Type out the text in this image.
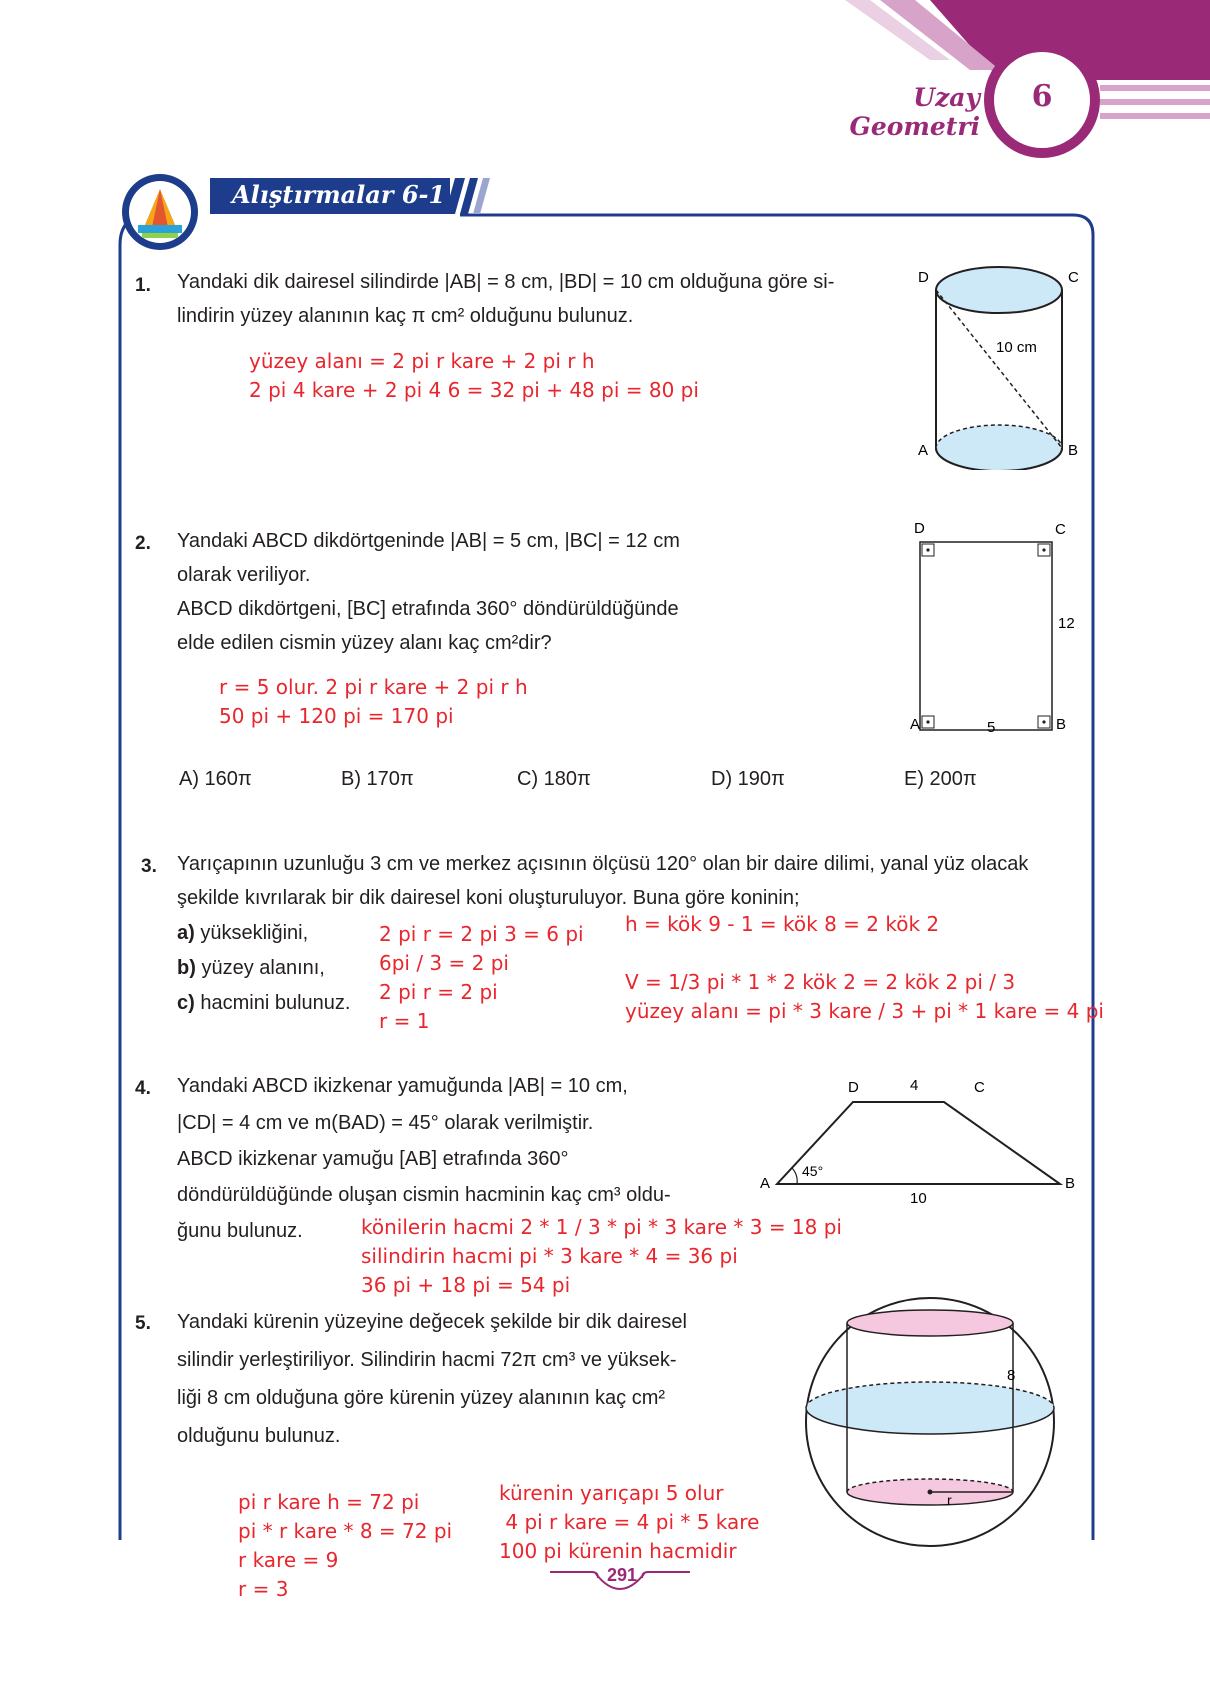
Uzay Geometri
6
Alıştırmalar 6-1
1. Yandaki dik dairesel silindirde |AB| = 8 cm, |BD| = 10 cm olduğuna göre si-
lindirin yüzey alanının kaç π cm² olduğunu bulunuz.
yüzey alanı = 2 pi r kare + 2 pi r h
2 pi 4 kare + 2 pi 4 6 = 32 pi + 48 pi = 80 pi
D	C
A	B
10 cm
2. Yandaki ABCD dikdörtgeninde |AB| = 5 cm, |BC| = 12 cm
olarak veriliyor.
ABCD dikdörtgeni, [BC] etrafında 360° döndürüldüğünde
elde edilen cismin yüzey alanı kaç cm²dir?
r = 5 olur. 2 pi r kare + 2 pi r h
50 pi + 120 pi = 170 pi
A) 160π	B) 170π	C) 180π	D) 190π	E) 200π
D	C
A	B
12
5
3. Yarıçapının uzunluğu 3 cm ve merkez açısının ölçüsü 120° olan bir daire dilimi, yanal yüz olacak
şekilde kıvrılarak bir dik dairesel koni oluşturuluyor. Buna göre koninin;
a) yüksekliğini,
b) yüzey alanını,
c) hacmini bulunuz.
2 pi r = 2 pi 3 = 6 pi
6pi / 3 = 2 pi
2 pi r = 2 pi
r = 1
h = kök 9 - 1 = kök 8 = 2 kök 2
V = 1/3 pi * 1 * 2 kök 2 = 2 kök 2 pi / 3
yüzey alanı = pi * 3 kare / 3 + pi * 1 kare = 4 pi
4. Yandaki ABCD ikizkenar yamuğunda |AB| = 10 cm,
|CD| = 4 cm ve m(BAD) = 45° olarak verilmiştir.
ABCD ikizkenar yamuğu [AB] etrafında 360°
döndürüldüğünde oluşan cismin hacminin kaç cm³ oldu-
ğunu bulunuz.	könilerin hacmi 2 * 1 / 3 * pi * 3 kare * 3 = 18 pi
silindirin hacmi pi * 3 kare * 4 = 36 pi
36 pi + 18 pi = 54 pi
D	4	C
A
45°
B
10
5. Yandaki kürenin yüzeyine değecek şekilde bir dik dairesel
silindir yerleştiriliyor. Silindirin hacmi 72π cm³ ve yüksek-
liği 8 cm olduğuna göre kürenin yüzey alanının kaç cm²
olduğunu bulunuz.
pi r kare h = 72 pi
pi * r kare * 8 = 72 pi
r kare = 9
r = 3
kürenin yarıçapı 5 olur
4 pi r kare = 4 pi * 5 kare
100 pi kürenin hacmidir
8
r
291
